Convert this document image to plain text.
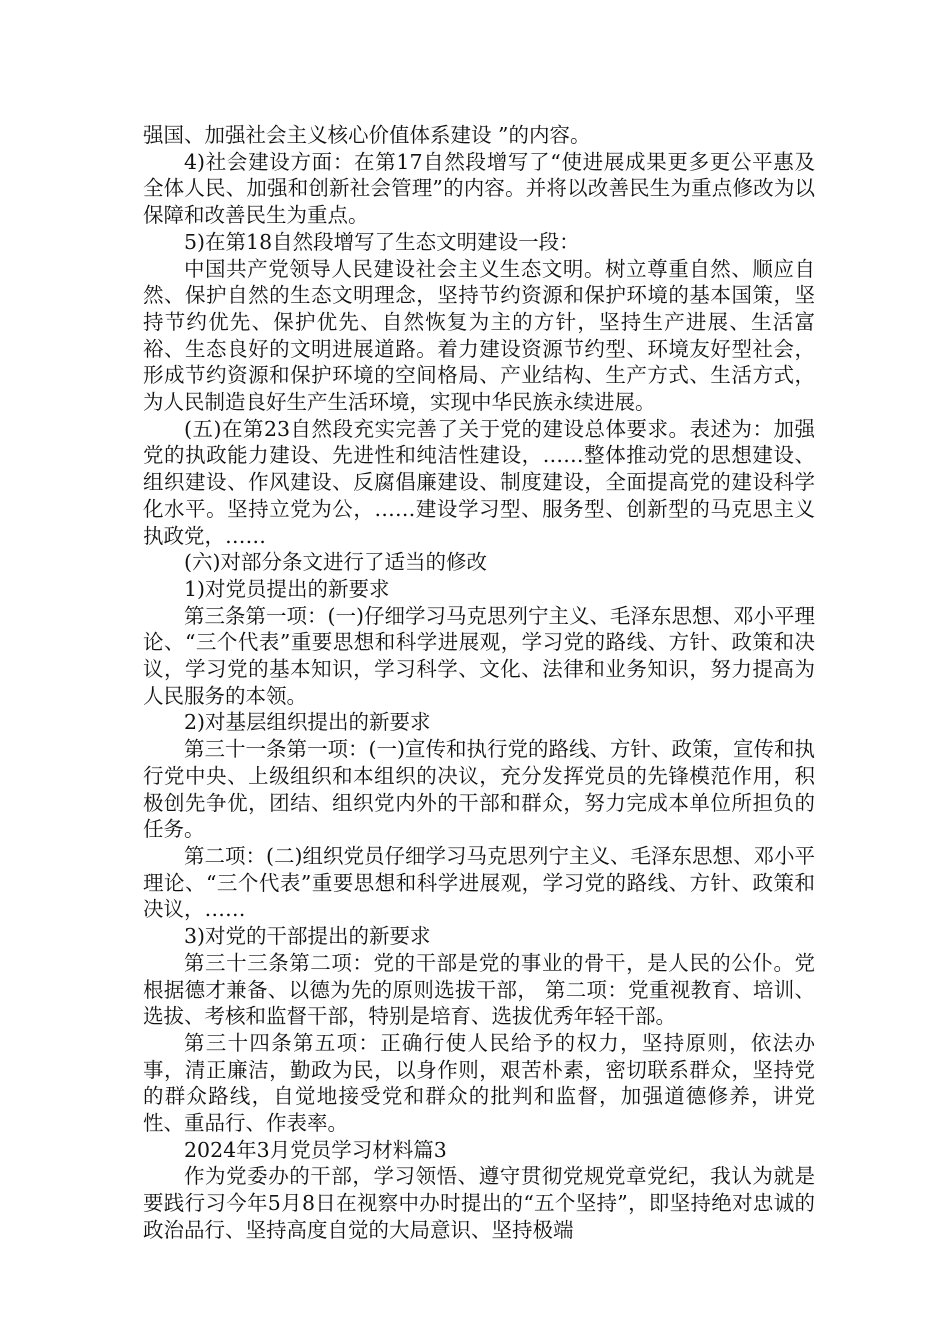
强国、加强社会主义核心价值体系建设 ”的内容。

4)社会建设方面：在第17自然段增写了“使进展成果更多更公平惠及全体人民、加强和创新社会管理”的内容。并将以改善民生为重点修改为以保障和改善民生为重点。

5)在第18自然段增写了生态文明建设一段：

中国共产党领导人民建设社会主义生态文明。树立尊重自然、顺应自然、保护自然的生态文明理念，坚持节约资源和保护环境的基本国策，坚持节约优先、保护优先、自然恢复为主的方针，坚持生产进展、生活富裕、生态良好的文明进展道路。着力建设资源节约型、环境友好型社会，形成节约资源和保护环境的空间格局、产业结构、生产方式、生活方式，为人民制造良好生产生活环境，实现中华民族永续进展。

(五)在第23自然段充实完善了关于党的建设总体要求。表述为：加强党的执政能力建设、先进性和纯洁性建设，……整体推动党的思想建设、组织建设、作风建设、反腐倡廉建设、制度建设，全面提高党的建设科学化水平。坚持立党为公，……建设学习型、服务型、创新型的马克思主义执政党，……

(六)对部分条文进行了适当的修改

1)对党员提出的新要求

第三条第一项：(一)仔细学习马克思列宁主义、毛泽东思想、邓小平理论、“三个代表”重要思想和科学进展观，学习党的路线、方针、政策和决议，学习党的基本知识，学习科学、文化、法律和业务知识，努力提高为人民服务的本领。

2)对基层组织提出的新要求

第三十一条第一项：(一)宣传和执行党的路线、方针、政策，宣传和执行党中央、上级组织和本组织的决议，充分发挥党员的先锋模范作用，积极创先争优，团结、组织党内外的干部和群众，努力完成本单位所担负的任务。

第二项：(二)组织党员仔细学习马克思列宁主义、毛泽东思想、邓小平理论、“三个代表”重要思想和科学进展观，学习党的路线、方针、政策和决议，……

3)对党的干部提出的新要求

第三十三条第二项：党的干部是党的事业的骨干，是人民的公仆。党根据德才兼备、以德为先的原则选拔干部， 第二项：党重视教育、培训、选拔、考核和监督干部，特别是培育、选拔优秀年轻干部。

第三十四条第五项：正确行使人民给予的权力，坚持原则，依法办事，清正廉洁，勤政为民，以身作则，艰苦朴素，密切联系群众，坚持党的群众路线，自觉地接受党和群众的批判和监督，加强道德修养，讲党性、重品行、作表率。

2024年3月党员学习材料篇3

作为党委办的干部，学习领悟、遵守贯彻党规党章党纪，我认为就是要践行习今年5月8日在视察中办时提出的“五个坚持”，即坚持绝对忠诚的政治品行、坚持高度自觉的大局意识、坚持极端
